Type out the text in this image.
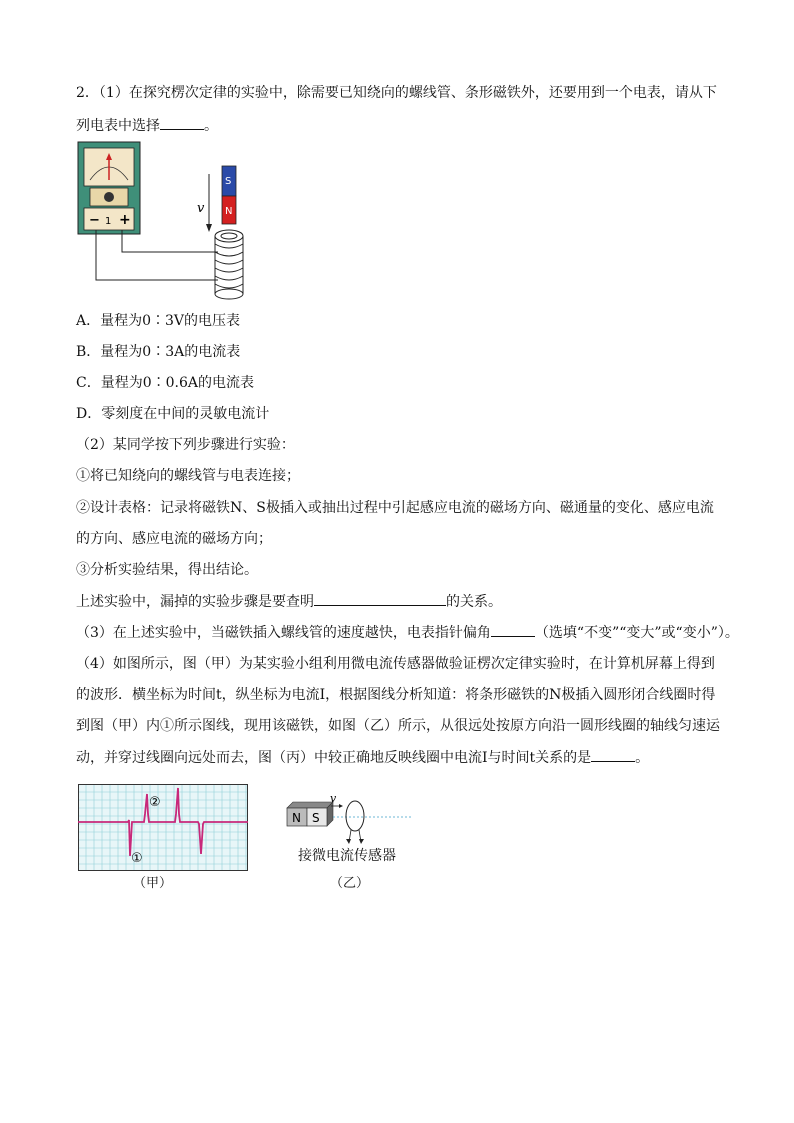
2．（1）在探究楞次定律的实验中，除需要已知绕向的螺线管、条形磁铁外，还要用到一个电表，请从下
列电表中选择	。
− 1 +
S
N
v
A．量程为0∶3V的电压表
B．量程为0∶3A的电流表
C．量程为0∶0.6A的电流表
D．零刻度在中间的灵敏电流计
（2）某同学按下列步骤进行实验：
①将已知绕向的螺线管与电表连接；
②设计表格：记录将磁铁N、S极插入或抽出过程中引起感应电流的磁场方向、磁通量的变化、感应电流
的方向、感应电流的磁场方向；
③分析实验结果，得出结论。
上述实验中，漏掉的实验步骤是要查明	的关系。
（3）在上述实验中，当磁铁插入螺线管的速度越快，电表指针偏角	（选填“不变”“变大”或“变小”）。
（4）如图所示，图（甲）为某实验小组利用微电流传感器做验证楞次定律实验时，在计算机屏幕上得到
的波形．横坐标为时间t，纵坐标为电流I，根据图线分析知道：将条形磁铁的N极插入圆形闭合线圈时得
到图（甲）内①所示图线，现用该磁铁，如图（乙）所示，从很远处按原方向沿一圆形线圈的轴线匀速运
动，并穿过线圈向远处而去，图（丙）中较正确地反映线圈中电流I与时间t关系的是	。
②
①
（甲）
N S
v
接微电流传感器
（乙）
